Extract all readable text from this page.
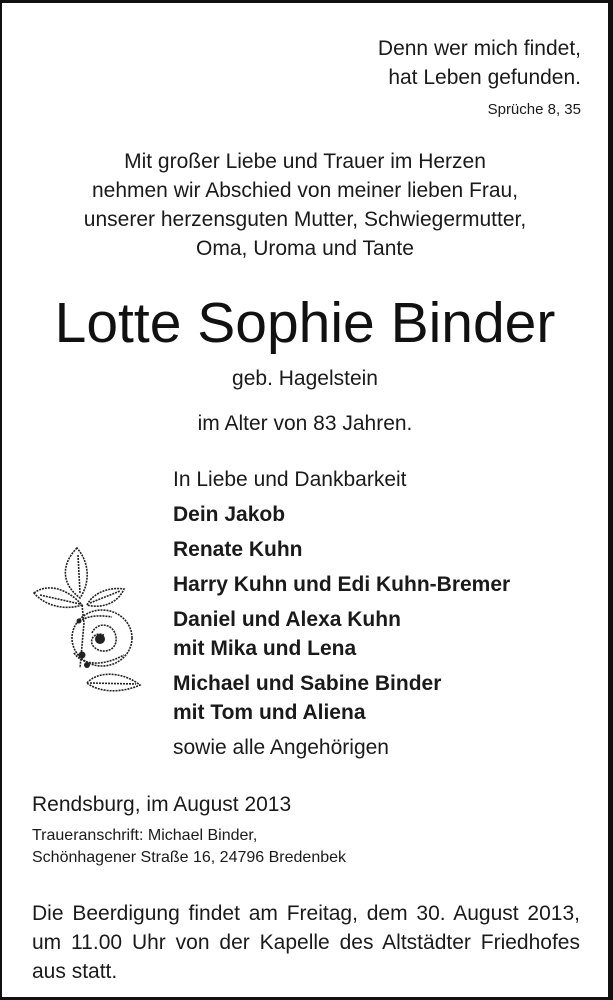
Denn wer mich findet,
hat Leben gefunden.
Sprüche 8, 35
Mit großer Liebe und Trauer im Herzen
nehmen wir Abschied von meiner lieben Frau,
unserer herzensguten Mutter, Schwiegermutter,
Oma, Uroma und Tante
Lotte Sophie Binder
geb. Hagelstein
im Alter von 83 Jahren.
In Liebe und Dankbarkeit
Dein Jakob
Renate Kuhn
Harry Kuhn und Edi Kuhn-Bremer
Daniel und Alexa Kuhn
mit Mika und Lena
Michael und Sabine Binder
mit Tom und Aliena
sowie alle Angehörigen
Rendsburg, im August 2013
Traueranschrift: Michael Binder,
Schönhagener Straße 16, 24796 Bredenbek
Die Beerdigung findet am Freitag, dem 30. August 2013, um 11.00 Uhr von der Kapelle des Altstädter Friedhofes aus statt.
